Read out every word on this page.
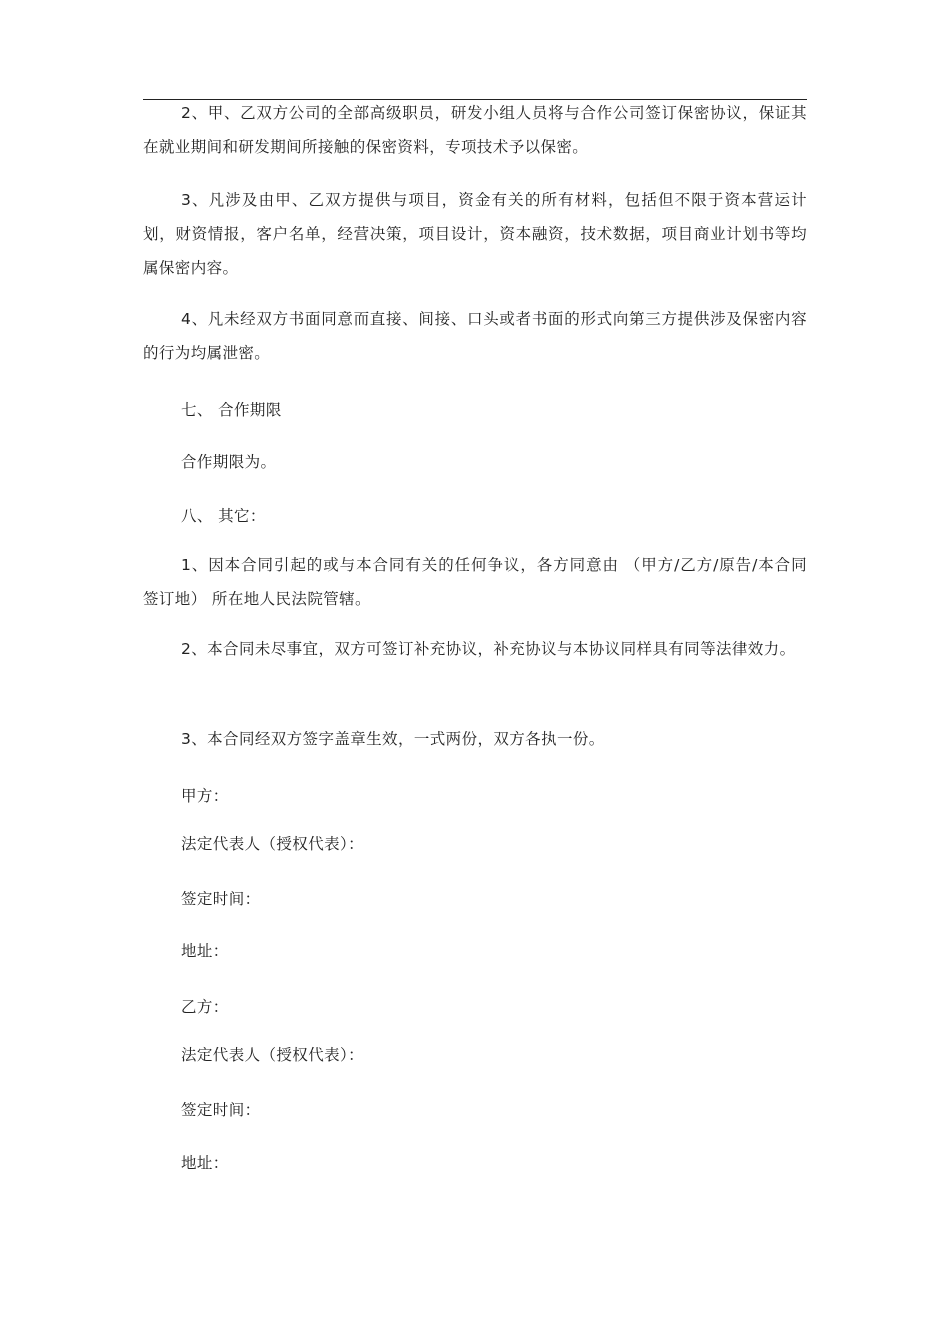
2、甲、乙双方公司的全部高级职员，研发小组人员将与合作公司签订保密协议，保证其在就业期间和研发期间所接触的保密资料，专项技术予以保密。

3、凡涉及由甲、乙双方提供与项目，资金有关的所有材料，包括但不限于资本营运计划，财资情报，客户名单，经营决策，项目设计，资本融资，技术数据，项目商业计划书等均属保密内容。

4、凡未经双方书面同意而直接、间接、口头或者书面的形式向第三方提供涉及保密内容的行为均属泄密。

七、 合作期限

合作期限为。

八、 其它：

1、因本合同引起的或与本合同有关的任何争议，各方同意由 （甲方/乙方/原告/本合同 签订地） 所在地人民法院管辖。

2、本合同未尽事宜，双方可签订补充协议，补充协议与本协议同样具有同等法律效力。

3、本合同经双方签字盖章生效，一式两份，双方各执一份。

甲方：

法定代表人（授权代表）：

签定时间：

地址：

乙方：

法定代表人（授权代表）：

签定时间：

地址：
